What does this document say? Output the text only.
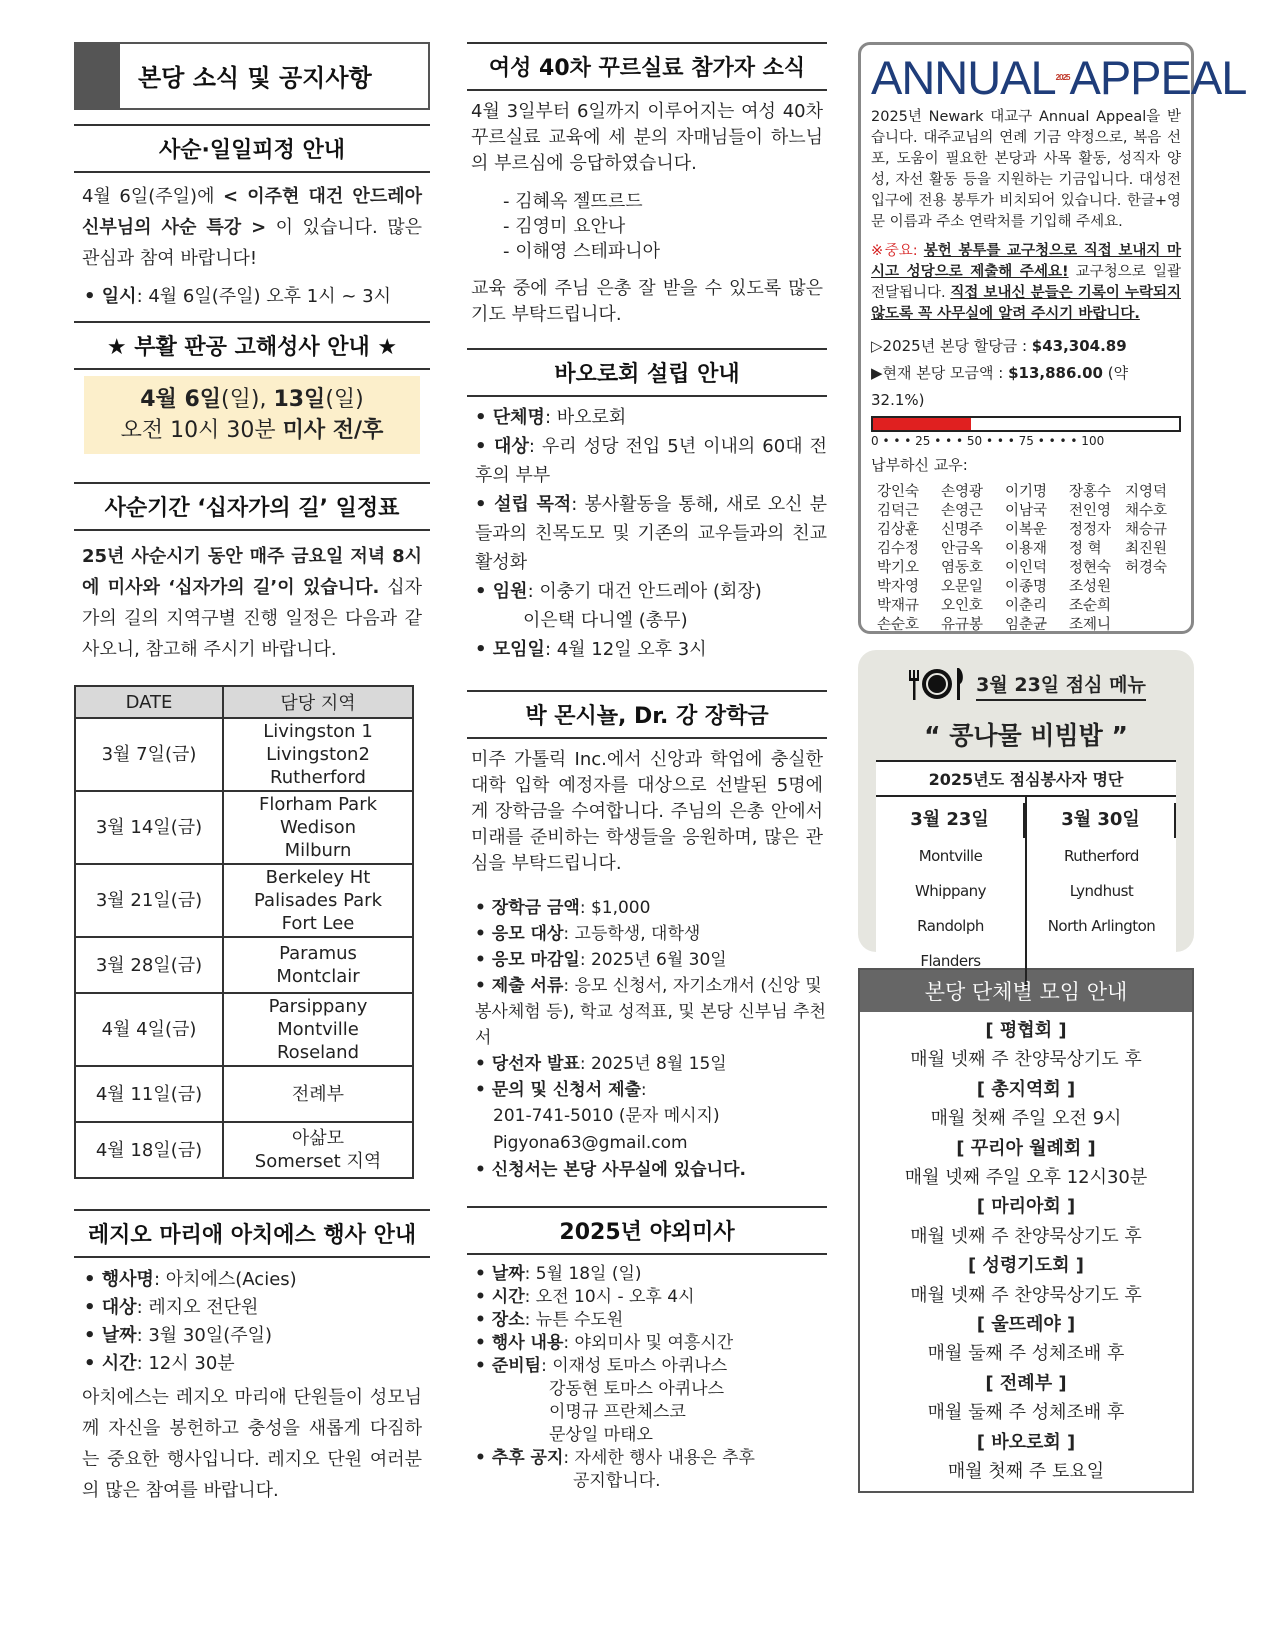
본당 소식 및 공지사항
사순·일일피정 안내
4월 6일(주일)에 < 이주현 대건 안드레아 신부님의 사순 특강 > 이 있습니다. 많은 관심과 참여 바랍니다!
• 일시: 4월 6일(주일) 오후 1시 ~ 3시
★ 부활 판공 고해성사 안내 ★
4월 6일(일), 13일(일)
오전 10시 30분 미사 전/후
사순기간 ‘십자가의 길’ 일정표
25년 사순시기 동안 매주 금요일 저녁 8시에 미사와 ‘십자가의 길’이 있습니다. 십자가의 길의 지역구별 진행 일정은 다음과 같사오니, 참고해 주시기 바랍니다.
DATE	담당 지역
3월 7일(금)	Livingston 1
Livingston2
Rutherford

3월 14일(금)	Florham Park
Wedison
Milburn

3월 21일(금)	Berkeley Ht
Palisades Park
Fort Lee

3월 28일(금)	Paramus
Montclair

4월 4일(금)	Parsippany
Montville
Roseland

4월 11일(금)	전례부

4월 18일(금)	아삶모
Somerset 지역
레지오 마리애 아치에스 행사 안내
• 행사명: 아치에스(Acies)
• 대상: 레지오 전단원
• 날짜: 3월 30일(주일)
• 시간: 12시 30분
아치에스는 레지오 마리애 단원들이 성모님께 자신을 봉헌하고 충성을 새롭게 다짐하는 중요한 행사입니다. 레지오 단원 여러분의 많은 참여를 바랍니다.
여성 40차 꾸르실료 참가자 소식
4월 3일부터 6일까지 이루어지는 여성 40차 꾸르실료 교육에 세 분의 자매님들이 하느님의 부르심에 응답하였습니다.
- 김혜옥 젤뜨르드
- 김영미 요안나
- 이해영 스테파니아
교육 중에 주님 은총 잘 받을 수 있도록 많은 기도 부탁드립니다.
바오로회 설립 안내
• 단체명: 바오로회
• 대상: 우리 성당 전입 5년 이내의 60대 전후의 부부
• 설립 목적: 봉사활동을 통해, 새로 오신 분들과의 친목도모 및 기존의 교우들과의 친교 활성화
• 임원: 이충기 대건 안드레아 (회장)
이은택 다니엘 (총무)
• 모임일: 4월 12일 오후 3시
박 몬시뇰, Dr. 강 장학금
미주 가톨릭 Inc.에서 신앙과 학업에 충실한 대학 입학 예정자를 대상으로 선발된 5명에게 장학금을 수여합니다. 주님의 은총 안에서 미래를 준비하는 학생들을 응원하며, 많은 관심을 부탁드립니다.
• 장학금 금액: $1,000
• 응모 대상: 고등학생, 대학생
• 응모 마감일: 2025년 6월 30일
• 제출 서류: 응모 신청서, 자기소개서 (신앙 및 봉사체험 등), 학교 성적표, 및 본당 신부님 추천서
• 당선자 발표: 2025년 8월 15일
• 문의 및 신청서 제출:
201-741-5010 (문자 메시지)
Pigyona63@gmail.com
• 신청서는 본당 사무실에 있습니다.
2025년 야외미사
• 날짜: 5월 18일 (일)
• 시간: 오전 10시 - 오후 4시
• 장소: 뉴튼 수도원
• 행사 내용: 야외미사 및 여흥시간
• 준비팀: 이재성 토마스 아퀴나스
강동현 토마스 아퀴나스
이명규 프란체스코
문상일 마태오
• 추후 공지: 자세한 행사 내용은 추후
공지합니다.
$ANNUAL^{2025}APPEAL$

2025년 Newark 대교구 Annual Appeal을 받습니다. 대주교님의 연례 기금 약정으로, 복음 선포, 도움이 필요한 본당과 사목 활동, 성직자 양성, 자선 활동 등을 지원하는 기금입니다. 대성전 입구에 전용 봉투가 비치되어 있습니다. 한글+영문 이름과 주소 연락처를 기입해 주세요.

※중요: 봉헌 봉투를 교구청으로 직접 보내지 마시고 성당으로 제출해 주세요! 교구청으로 일괄 전달됩니다. 직접 보내신 분들은 기록이 누락되지 않도록 꼭 사무실에 알려 주시기 바랍니다.

▷2025년 본당 할당금 : $43,304.89
▶현재 본당 모금액 : $13,886.00 (약 32.1%)
0 • • • 25 • • • 50 • • • 75 • • • • 100
납부하신 교우:
강인숙	손영광	이기명	장홍수 지영덕
김덕근	손영근	이남국	전인영 채수호
김상훈	신명주	이복운	정정자 채승규
김수정	안금옥	이용재	정 혁	최진원
박기오	염동호	이인덕	정현숙 허경숙
박자영	오문일	이종명	조성원
박재규	오인호	이춘리	조순희
손순호	유규봉	임춘균	조제니
3월 23일 점심 메뉴
“ 콩나물 비빔밥 ”
2025년도 점심봉사자 명단
3월 23일
Montville
Whippany
Randolph
Flanders
3월 30일
Rutherford
Lyndhust
North Arlington
본당 단체별 모임 안내
[ 평협회 ]
매월 넷째 주 찬양묵상기도 후
[ 총지역회 ]
매월 첫째 주일 오전 9시
[ 꾸리아 월례회 ]
매월 넷째 주일 오후 12시30분
[ 마리아회 ]
매월 넷째 주 찬양묵상기도 후
[ 성령기도회 ]
매월 넷째 주 찬양묵상기도 후
[ 울뜨레야 ]
매월 둘째 주 성체조배 후
[ 전례부 ]
매월 둘째 주 성체조배 후
[ 바오로회 ]
매월 첫째 주 토요일
